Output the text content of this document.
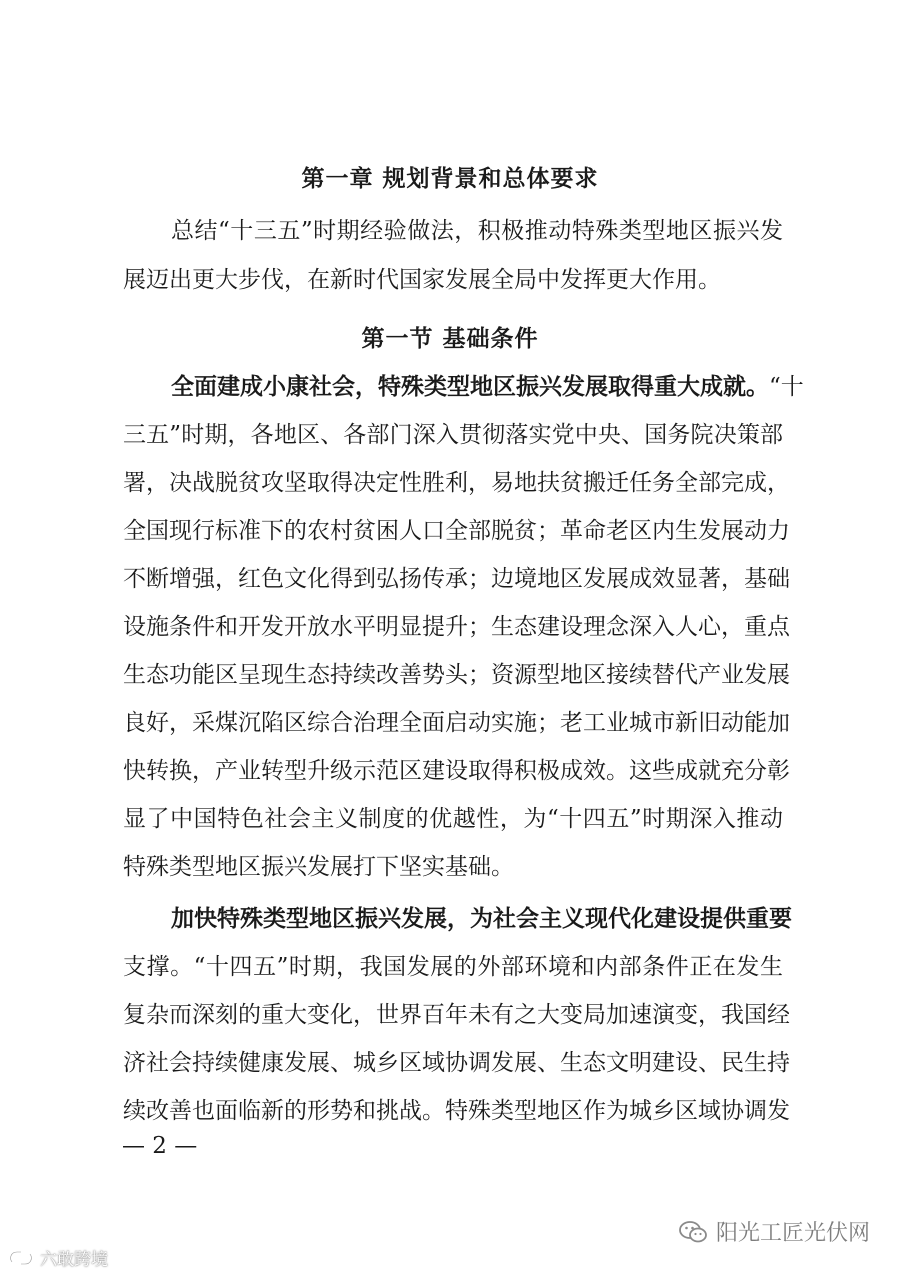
第一章 规划背景和总体要求
总结“十三五”时期经验做法，积极推动特殊类型地区振兴发
展迈出更大步伐，在新时代国家发展全局中发挥更大作用。
第一节 基础条件
全面建成小康社会，特殊类型地区振兴发展取得重大成就。“十
三五”时期，各地区、各部门深入贯彻落实党中央、国务院决策部
署，决战脱贫攻坚取得决定性胜利，易地扶贫搬迁任务全部完成，
全国现行标准下的农村贫困人口全部脱贫；革命老区内生发展动力
不断增强，红色文化得到弘扬传承；边境地区发展成效显著，基础
设施条件和开发开放水平明显提升；生态建设理念深入人心，重点
生态功能区呈现生态持续改善势头；资源型地区接续替代产业发展
良好，采煤沉陷区综合治理全面启动实施；老工业城市新旧动能加
快转换，产业转型升级示范区建设取得积极成效。这些成就充分彰
显了中国特色社会主义制度的优越性，为“十四五”时期深入推动
特殊类型地区振兴发展打下坚实基础。
加快特殊类型地区振兴发展，为社会主义现代化建设提供重要
支撑。“十四五”时期，我国发展的外部环境和内部条件正在发生
复杂而深刻的重大变化，世界百年未有之大变局加速演变，我国经
济社会持续健康发展、城乡区域协调发展、生态文明建设、民生持
续改善也面临新的形势和挑战。特殊类型地区作为城乡区域协调发
— 2 —
阳光工匠光伏网
六敢跨境
